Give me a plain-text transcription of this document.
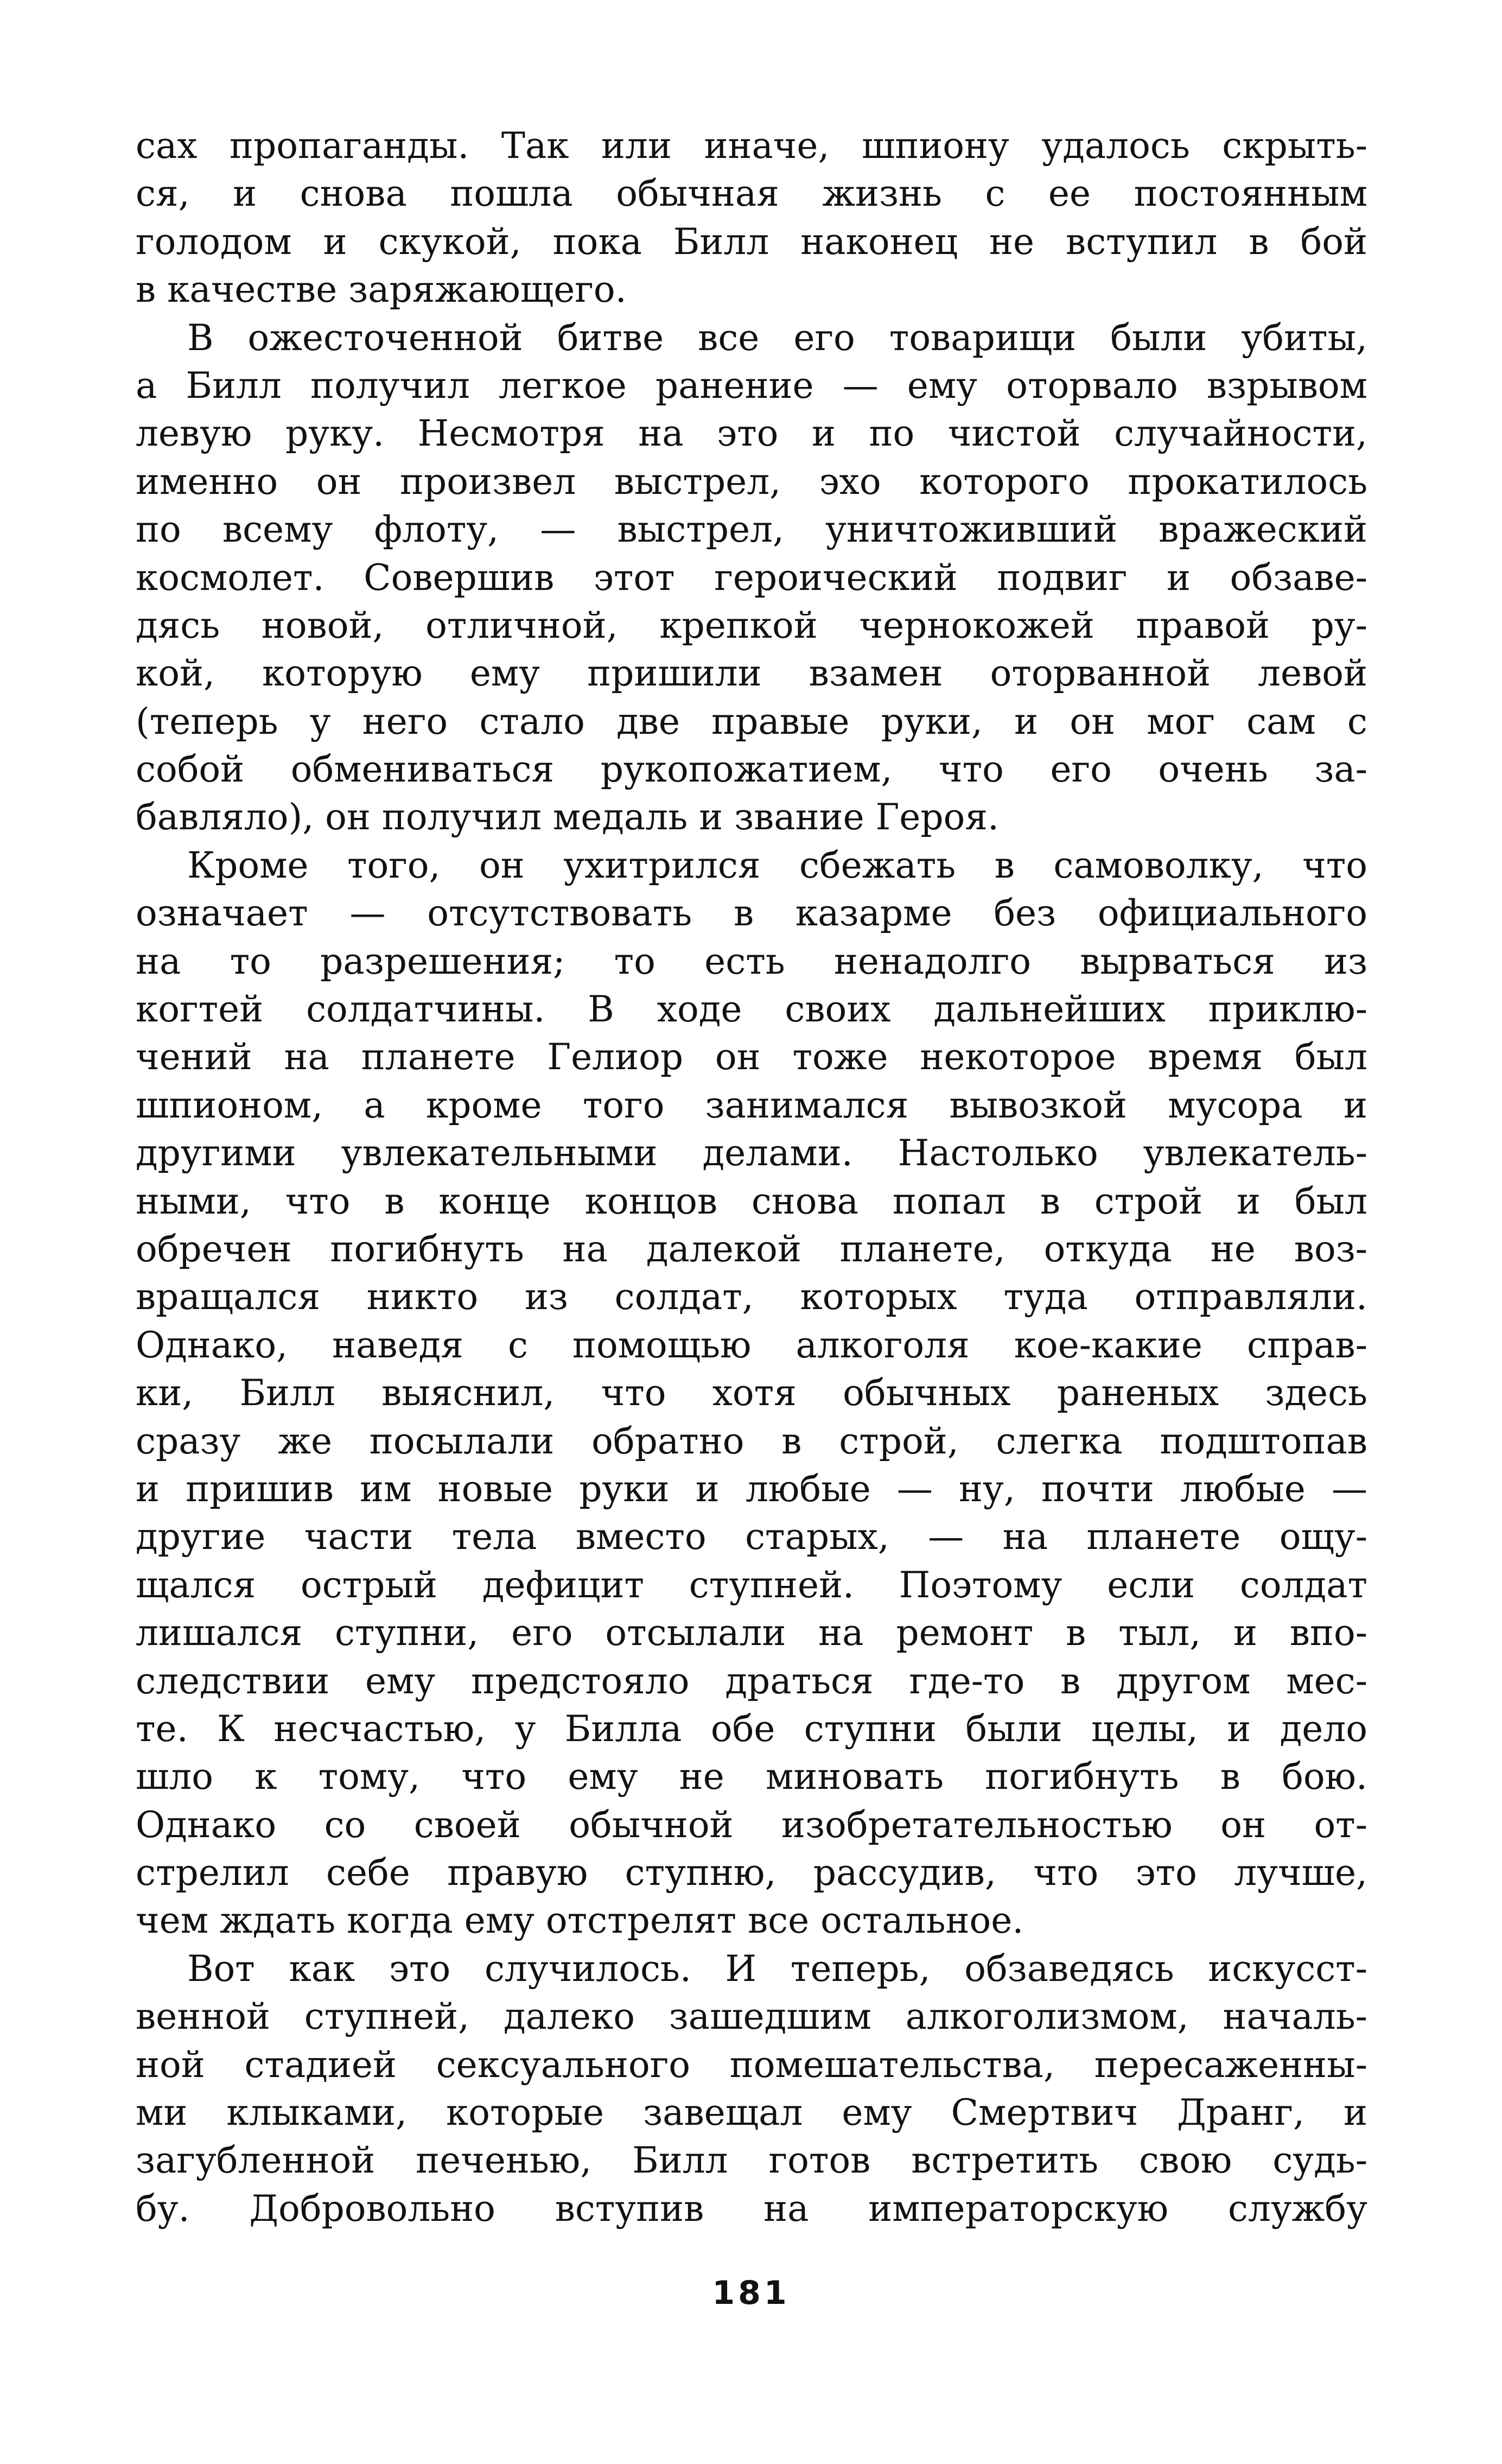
сах пропаганды. Так или иначе, шпиону удалось скрыть-
ся, и снова пошла обычная жизнь с ее постоянным
голодом и скукой, пока Билл наконец не вступил в бой
в качестве заряжающего.
В ожесточенной битве все его товарищи были убиты,
а Билл получил легкое ранение — ему оторвало взрывом
левую руку. Несмотря на это и по чистой случайности,
именно он произвел выстрел, эхо которого прокатилось
по всему флоту, — выстрел, уничтоживший вражеский
космолет. Совершив этот героический подвиг и обзаве-
дясь новой, отличной, крепкой чернокожей правой ру-
кой, которую ему пришили взамен оторванной левой
(теперь у него стало две правые руки, и он мог сам с
собой обмениваться рукопожатием, что его очень за-
бавляло), он получил медаль и звание Героя.
Кроме того, он ухитрился сбежать в самоволку, что
означает — отсутствовать в казарме без официального
на то разрешения; то есть ненадолго вырваться из
когтей солдатчины. В ходе своих дальнейших приклю-
чений на планете Гелиор он тоже некоторое время был
шпионом, а кроме того занимался вывозкой мусора и
другими увлекательными делами. Настолько увлекатель-
ными, что в конце концов снова попал в строй и был
обречен погибнуть на далекой планете, откуда не воз-
вращался никто из солдат, которых туда отправляли.
Однако, наведя с помощью алкоголя кое-какие справ-
ки, Билл выяснил, что хотя обычных раненых здесь
сразу же посылали обратно в строй, слегка подштопав
и пришив им новые руки и любые — ну, почти любые —
другие части тела вместо старых, — на планете ощу-
щался острый дефицит ступней. Поэтому если солдат
лишался ступни, его отсылали на ремонт в тыл, и впо-
следствии ему предстояло драться где-то в другом мес-
те. К несчастью, у Билла обе ступни были целы, и дело
шло к тому, что ему не миновать погибнуть в бою.
Однако со своей обычной изобретательностью он от-
стрелил себе правую ступню, рассудив, что это лучше,
чем ждать когда ему отстрелят все остальное.
Вот как это случилось. И теперь, обзаведясь искусст-
венной ступней, далеко зашедшим алкоголизмом, началь-
ной стадией сексуального помешательства, пересаженны-
ми клыками, которые завещал ему Смертвич Дранг, и
загубленной печенью, Билл готов встретить свою судь-
бу. Добровольно вступив на императорскую службу
181
